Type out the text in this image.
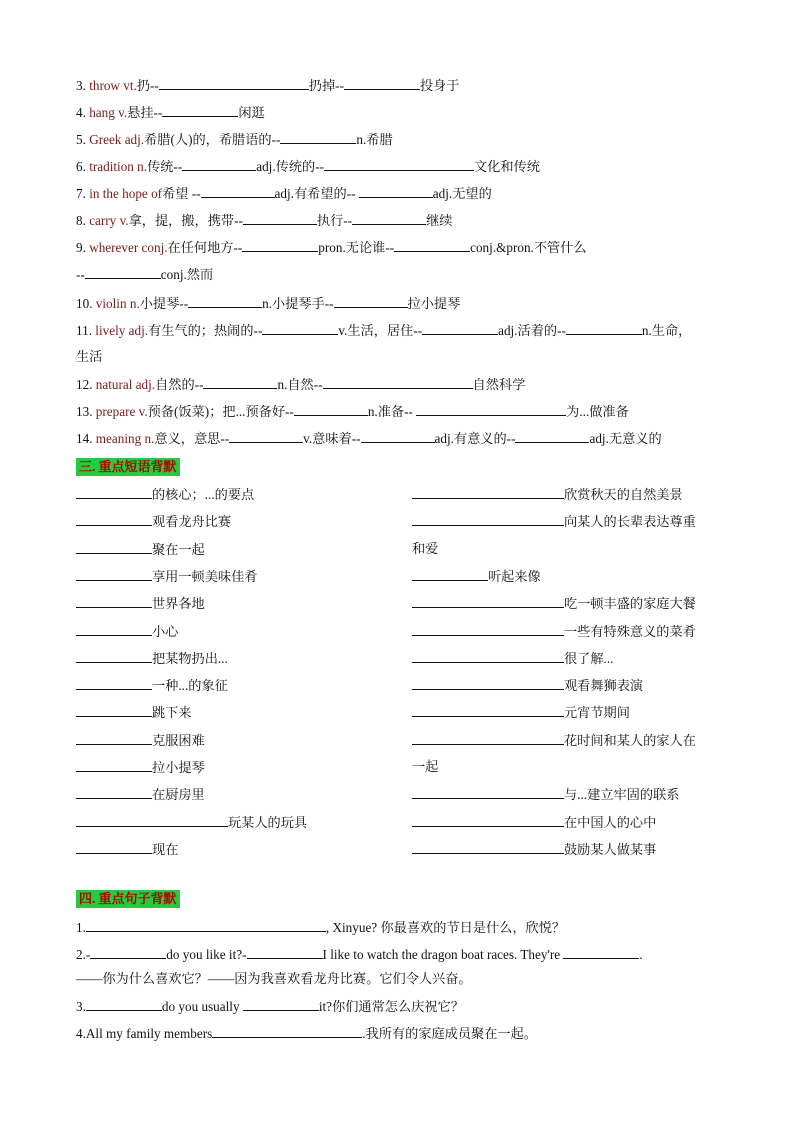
3. throw vt.扔--	扔掉--	投身于
4. hang v.悬挂--	闲逛
5. Greek adj.希腊(人)的，希腊语的--	n.希腊
6. tradition n.传统--	adj.传统的--	文化和传统
7. in the hope of希望 --	adj.有希望的--	adj.无望的
8. carry v.拿，提，搬，携带--	执行--	继续
9. wherever conj.在任何地方--	pron.无论谁--	conj.&pron.不管什么
--	conj.然而
10. violin n.小提琴--	n.小提琴手--	拉小提琴
11. lively adj.有生气的；热闹的--	v.生活，居住--	adj.活着的--	n.生命，
生活
12. natural adj.自然的--	n.自然--	自然科学
13. prepare v.预备(饭菜)；把...预备好--	n.准备--	为...做准备
14. meaning n.意义，意思--	v.意味着--	adj.有意义的--	adj.无意义的
三. 重点短语背默
的核心；...的要点
观看龙舟比赛
聚在一起
享用一顿美味佳肴
世界各地
小心
把某物扔出...
一种...的象征
跳下来
克服困难
拉小提琴
在厨房里
玩某人的玩具
现在
欣赏秋天的自然美景
向某人的长辈表达尊重
和爱
听起来像
吃一顿丰盛的家庭大餐
一些有特殊意义的菜肴
很了解...
观看舞狮表演
元宵节期间
花时间和某人的家人在
一起
与...建立牢固的联系
在中国人的心中
鼓励某人做某事
四. 重点句子背默
1.	, Xinyue? 你最喜欢的节日是什么，欣悦？
2.-	do you like it?-	I like to watch the dragon boat races. They're	.
——你为什么喜欢它？——因为我喜欢看龙舟比赛。它们令人兴奋。
3.	do you usually	it?你们通常怎么庆祝它？
4.All my family members	.我所有的家庭成员聚在一起。
